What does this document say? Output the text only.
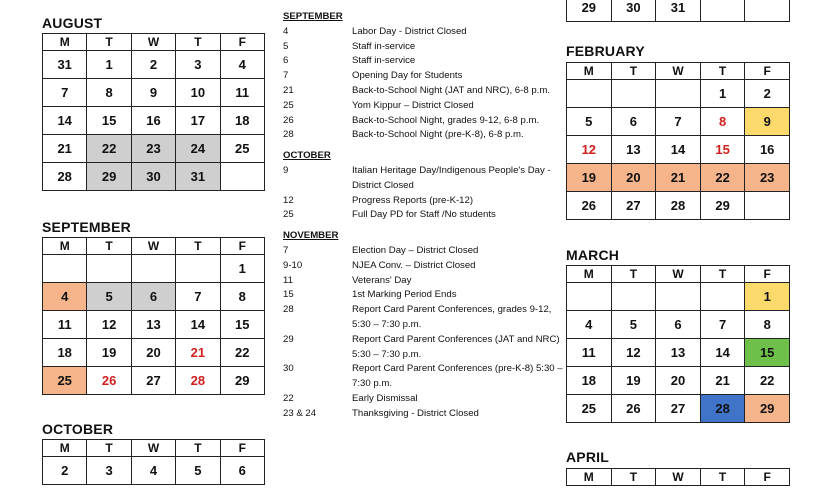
AUGUST
M	T	W	T	F
31	1	2	3	4
7	8	9	10	11
14	15	16	17	18
21	22	23	24	25
28	29	30	31	
SEPTEMBER
M	T	W	T	F
				1
4	5	6	7	8
11	12	13	14	15
18	19	20	21	22
25	26	27	28	29
OCTOBER
M	T	W	T	F
2	3	4	5	6
SEPTEMBER
4	Labor Day - District Closed
5	Staff in-service
6	Staff in-service
7	Opening Day for Students
21	Back-to-School Night (JAT and NRC), 6-8 p.m.
25	Yom Kippur – District Closed
26	Back-to-School Night, grades 9-12, 6-8 p.m.
28	Back-to-School Night (pre-K-8), 6-8 p.m.
OCTOBER
9	Italian Heritage Day/Indigenous People's Day - District Closed
12	Progress Reports (pre-K-12)
25	Full Day PD for Staff /No students
NOVEMBER
7	Election Day – District Closed
9-10	NJEA Conv. – District Closed
11	Veterans' Day
15	1st Marking Period Ends
28	Report Card Parent Conferences, grades 9-12, 5:30 – 7:30 p.m.
29	Report Card Parent Conferences (JAT and NRC) 5:30 – 7:30 p.m.
30	Report Card Parent Conferences (pre-K-8) 5:30 – 7:30 p.m.
22	Early Dismissal
23 & 24	Thanksgiving - District Closed
29	30	31		
FEBRUARY
M	T	W	T	F
			1	2
5	6	7	8	9
12	13	14	15	16
19	20	21	22	23
26	27	28	29	
MARCH
M	T	W	T	F
				1
4	5	6	7	8
11	12	13	14	15
18	19	20	21	22
25	26	27	28	29
APRIL
M	T	W	T	F
